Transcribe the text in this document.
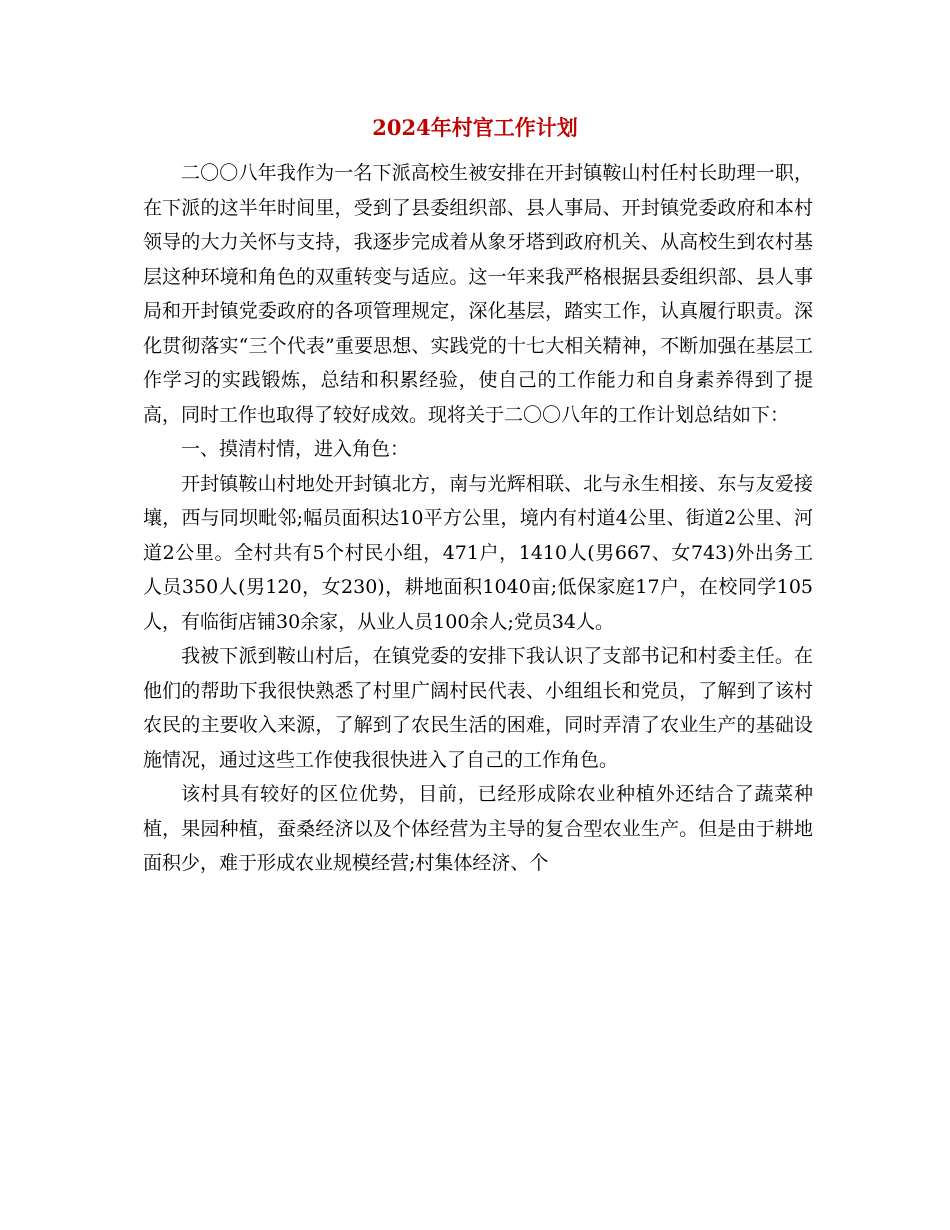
2024年村官工作计划

二〇〇八年我作为一名下派高校生被安排在开封镇鞍山村任村长助理一职，在下派的这半年时间里，受到了县委组织部、县人事局、开封镇党委政府和本村领导的大力关怀与支持，我逐步完成着从象牙塔到政府机关、从高校生到农村基层这种环境和角色的双重转变与适应。这一年来我严格根据县委组织部、县人事局和开封镇党委政府的各项管理规定，深化基层，踏实工作，认真履行职责。深化贯彻落实“三个代表”重要思想、实践党的十七大相关精神，不断加强在基层工作学习的实践锻炼，总结和积累经验，使自己的工作能力和自身素养得到了提高，同时工作也取得了较好成效。现将关于二〇〇八年的工作计划总结如下：

一、摸清村情，进入角色：

开封镇鞍山村地处开封镇北方，南与光辉相联、北与永生相接、东与友爱接壤，西与同坝毗邻;幅员面积达10平方公里，境内有村道4公里、街道2公里、河道2公里。全村共有5个村民小组，471户，1410人(男667、女743)外出务工人员350人(男120，女230)，耕地面积1040亩;低保家庭17户，在校同学105人，有临街店铺30余家，从业人员100余人;党员34人。

我被下派到鞍山村后，在镇党委的安排下我认识了支部书记和村委主任。在他们的帮助下我很快熟悉了村里广阔村民代表、小组组长和党员，了解到了该村农民的主要收入来源，了解到了农民生活的困难，同时弄清了农业生产的基础设施情况，通过这些工作使我很快进入了自己的工作角色。

该村具有较好的区位优势，目前，已经形成除农业种植外还结合了蔬菜种植，果园种植，蚕桑经济以及个体经营为主导的复合型农业生产。但是由于耕地面积少，难于形成农业规模经营;村集体经济、个
